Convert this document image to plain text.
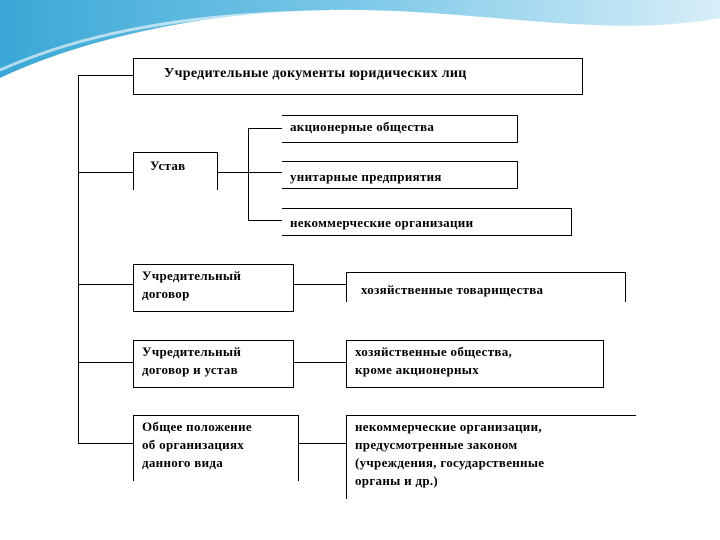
Учредительные документы юридических лиц
Устав
акционерные общества
унитарные предприятия
некоммерческие организации
Учредительный
договор	хозяйственные товарищества
Учредительный
договор и устав
хозяйственные общества,
кроме акционерных
Общее положение
об организациях
данного вида
некоммерческие организации,
предусмотренные законом
(учреждения, государственные
органы и др.)
